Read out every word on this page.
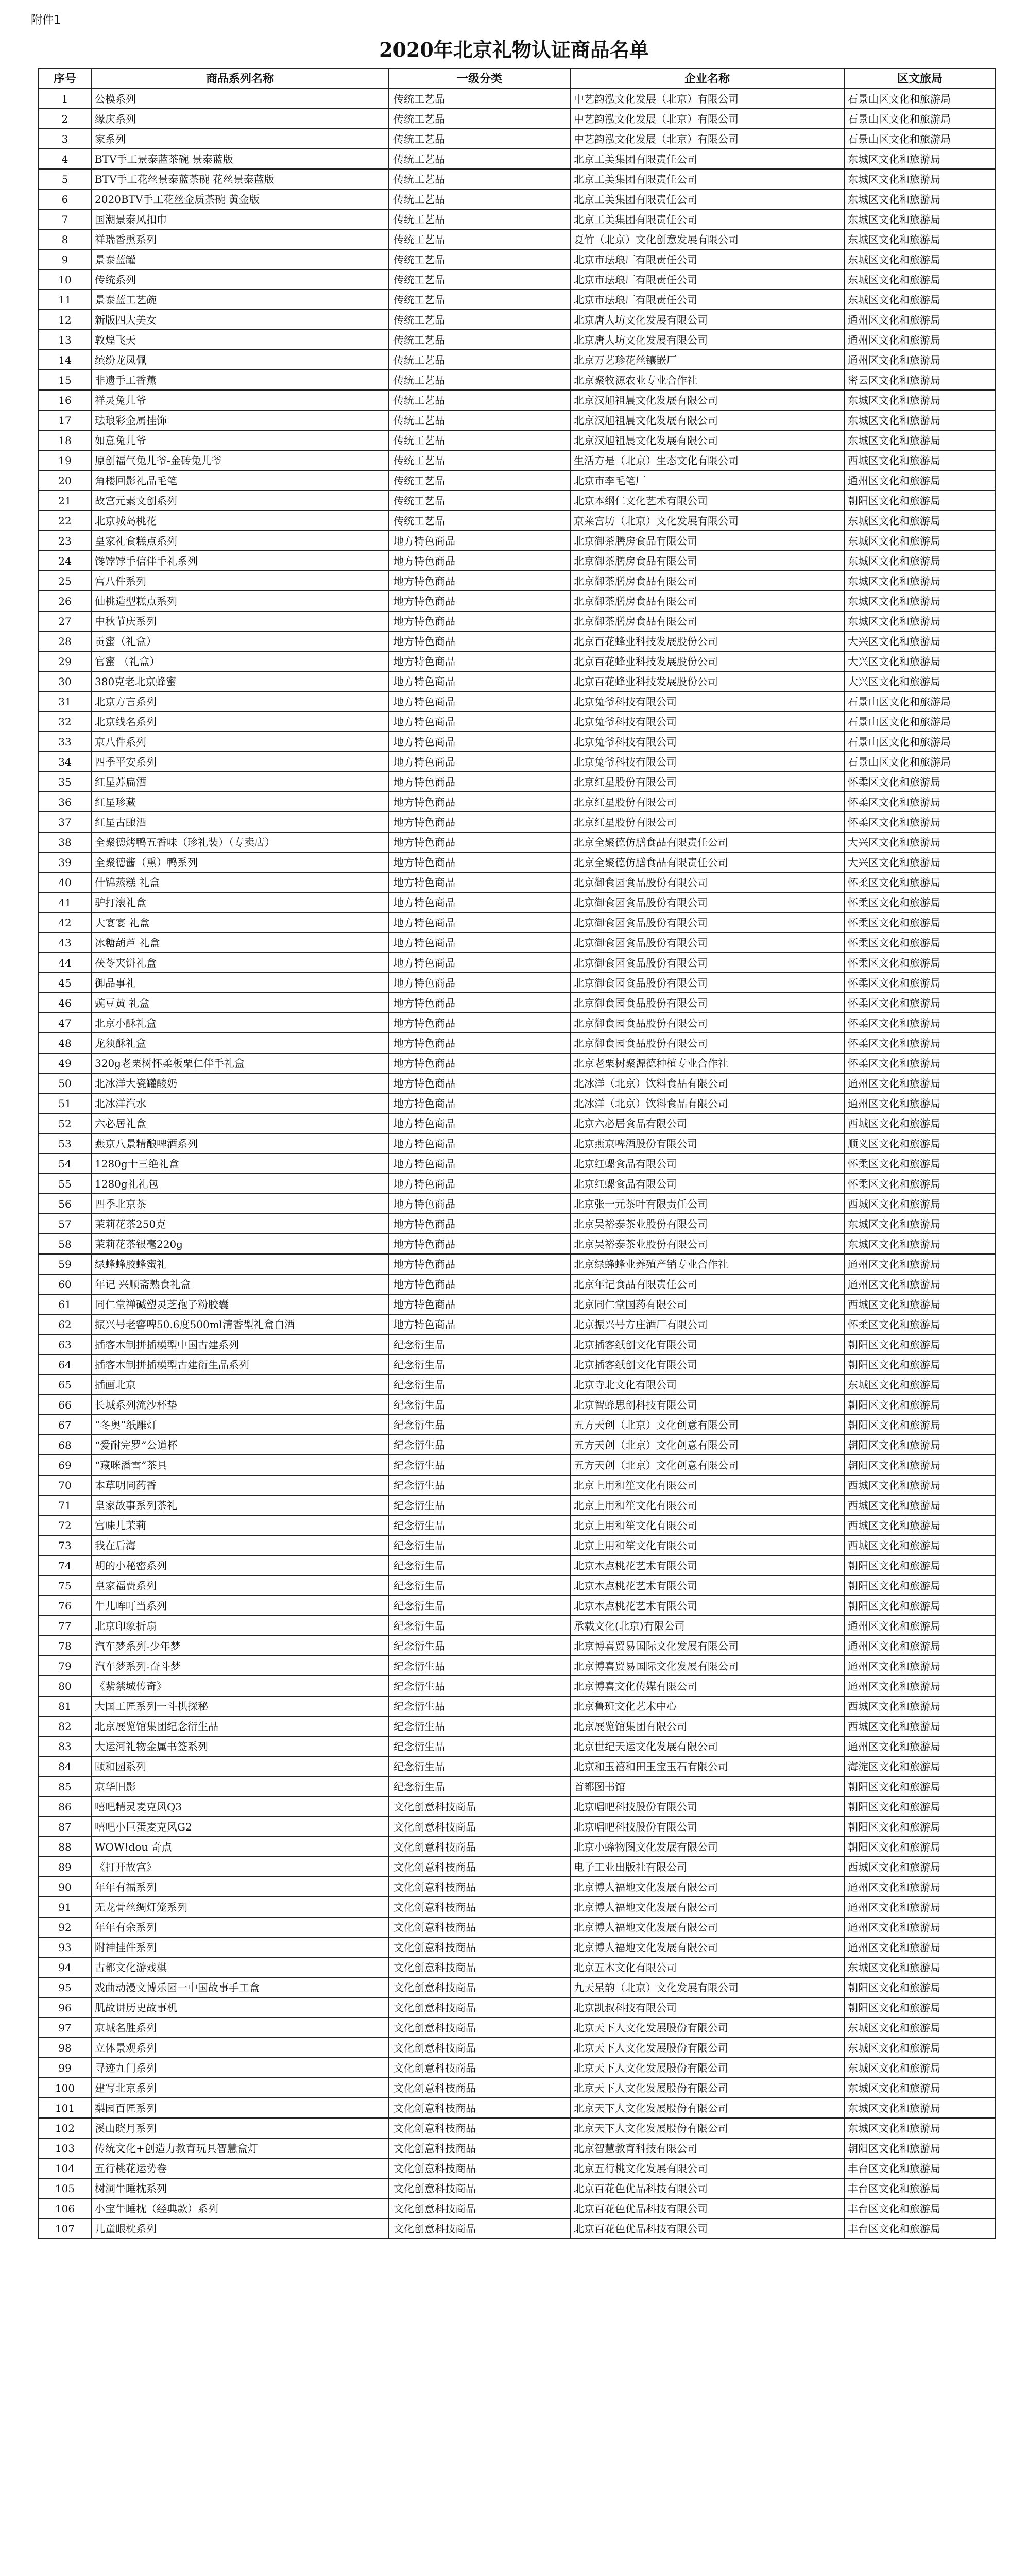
附件1
2020年北京礼物认证商品名单
序号	商品系列名称	一级分类	企业名称	区文旅局
1	公模系列	传统工艺品	中艺韵泓文化发展（北京）有限公司	石景山区文化和旅游局
2	缘庆系列	传统工艺品	中艺韵泓文化发展（北京）有限公司	石景山区文化和旅游局
3	家系列	传统工艺品	中艺韵泓文化发展（北京）有限公司	石景山区文化和旅游局
4	BTV手工景泰蓝茶碗 景泰蓝版	传统工艺品	北京工美集团有限责任公司	东城区文化和旅游局
5	BTV手工花丝景泰蓝茶碗 花丝景泰蓝版	传统工艺品	北京工美集团有限责任公司	东城区文化和旅游局
6	2020BTV手工花丝金质茶碗 黄金版	传统工艺品	北京工美集团有限责任公司	东城区文化和旅游局
7	国潮景泰风扣巾	传统工艺品	北京工美集团有限责任公司	东城区文化和旅游局
8	祥瑞香熏系列	传统工艺品	夏竹（北京）文化创意发展有限公司	东城区文化和旅游局
9	景泰蓝罐	传统工艺品	北京市珐琅厂有限责任公司	东城区文化和旅游局
10	传统系列	传统工艺品	北京市珐琅厂有限责任公司	东城区文化和旅游局
11	景泰蓝工艺碗	传统工艺品	北京市珐琅厂有限责任公司	东城区文化和旅游局
12	新版四大美女	传统工艺品	北京唐人坊文化发展有限公司	通州区文化和旅游局
13	敦煌飞天	传统工艺品	北京唐人坊文化发展有限公司	通州区文化和旅游局
14	缤纷龙凤佩	传统工艺品	北京万艺珍花丝镶嵌厂	通州区文化和旅游局
15	非遗手工香薰	传统工艺品	北京聚牧源农业专业合作社	密云区文化和旅游局
16	祥灵兔儿爷	传统工艺品	北京汉旭祖晨文化发展有限公司	东城区文化和旅游局
17	珐琅彩金属挂饰	传统工艺品	北京汉旭祖晨文化发展有限公司	东城区文化和旅游局
18	如意兔儿爷	传统工艺品	北京汉旭祖晨文化发展有限公司	东城区文化和旅游局
19	原创福气兔儿爷-金砖兔儿爷	传统工艺品	生活方是（北京）生态文化有限公司	西城区文化和旅游局
20	角楼回影礼品毛笔	传统工艺品	北京市李毛笔厂	通州区文化和旅游局
21	故宫元素文创系列	传统工艺品	北京本纲仁文化艺术有限公司	朝阳区文化和旅游局
22	北京城岛桃花	传统工艺品	京莱宫坊（北京）文化发展有限公司	东城区文化和旅游局
23	皇家礼食糕点系列	地方特色商品	北京御茶膳房食品有限公司	东城区文化和旅游局
24	馋饽饽手信伴手礼系列	地方特色商品	北京御茶膳房食品有限公司	东城区文化和旅游局
25	宫八件系列	地方特色商品	北京御茶膳房食品有限公司	东城区文化和旅游局
26	仙桃造型糕点系列	地方特色商品	北京御茶膳房食品有限公司	东城区文化和旅游局
27	中秋节庆系列	地方特色商品	北京御茶膳房食品有限公司	东城区文化和旅游局
28	贡蜜（礼盒）	地方特色商品	北京百花蜂业科技发展股份公司	大兴区文化和旅游局
29	官蜜 （礼盒）	地方特色商品	北京百花蜂业科技发展股份公司	大兴区文化和旅游局
30	380克老北京蜂蜜	地方特色商品	北京百花蜂业科技发展股份公司	大兴区文化和旅游局
31	北京方言系列	地方特色商品	北京兔爷科技有限公司	石景山区文化和旅游局
32	北京线名系列	地方特色商品	北京兔爷科技有限公司	石景山区文化和旅游局
33	京八件系列	地方特色商品	北京兔爷科技有限公司	石景山区文化和旅游局
34	四季平安系列	地方特色商品	北京兔爷科技有限公司	石景山区文化和旅游局
35	红星苏扁酒	地方特色商品	北京红星股份有限公司	怀柔区文化和旅游局
36	红星珍藏	地方特色商品	北京红星股份有限公司	怀柔区文化和旅游局
37	红星古酿酒	地方特色商品	北京红星股份有限公司	怀柔区文化和旅游局
38	全聚德烤鸭五香味（珍礼装）（专卖店）	地方特色商品	北京全聚德仿膳食品有限责任公司	大兴区文化和旅游局
39	全聚德酱（熏）鸭系列	地方特色商品	北京全聚德仿膳食品有限责任公司	大兴区文化和旅游局
40	什锦蒸糕 礼盒	地方特色商品	北京御食园食品股份有限公司	怀柔区文化和旅游局
41	驴打滚礼盒	地方特色商品	北京御食园食品股份有限公司	怀柔区文化和旅游局
42	大宴宴 礼盒	地方特色商品	北京御食园食品股份有限公司	怀柔区文化和旅游局
43	冰糖葫芦 礼盒	地方特色商品	北京御食园食品股份有限公司	怀柔区文化和旅游局
44	茯苓夹饼礼盒	地方特色商品	北京御食园食品股份有限公司	怀柔区文化和旅游局
45	御品事礼	地方特色商品	北京御食园食品股份有限公司	怀柔区文化和旅游局
46	豌豆黄 礼盒	地方特色商品	北京御食园食品股份有限公司	怀柔区文化和旅游局
47	北京小酥礼盒	地方特色商品	北京御食园食品股份有限公司	怀柔区文化和旅游局
48	龙须酥礼盒	地方特色商品	北京御食园食品股份有限公司	怀柔区文化和旅游局
49	320g老栗树怀柔板栗仁伴手礼盒	地方特色商品	北京老栗树聚源德种植专业合作社	怀柔区文化和旅游局
50	北冰洋大瓷罐酸奶	地方特色商品	北冰洋（北京）饮料食品有限公司	通州区文化和旅游局
51	北冰洋汽水	地方特色商品	北冰洋（北京）饮料食品有限公司	通州区文化和旅游局
52	六必居礼盒	地方特色商品	北京六必居食品有限公司	西城区文化和旅游局
53	燕京八景精酿啤酒系列	地方特色商品	北京燕京啤酒股份有限公司	顺义区文化和旅游局
54	1280g十三绝礼盒	地方特色商品	北京红螺食品有限公司	怀柔区文化和旅游局
55	1280g礼礼包	地方特色商品	北京红螺食品有限公司	怀柔区文化和旅游局
56	四季北京茶	地方特色商品	北京张一元茶叶有限责任公司	西城区文化和旅游局
57	茉莉花茶250克	地方特色商品	北京吴裕泰茶业股份有限公司	东城区文化和旅游局
58	茉莉花茶银毫220g	地方特色商品	北京吴裕泰茶业股份有限公司	东城区文化和旅游局
59	绿蜂蜂胶蜂蜜礼	地方特色商品	北京绿蜂蜂业养殖产销专业合作社	通州区文化和旅游局
60	年记 兴顺斋熟食礼盒	地方特色商品	北京年记食品有限责任公司	通州区文化和旅游局
61	同仁堂禅碱塑灵芝孢子粉胶囊	地方特色商品	北京同仁堂国药有限公司	西城区文化和旅游局
62	振兴号老窖啤50.6度500ml清香型礼盒白酒	地方特色商品	北京振兴号方庄酒厂有限公司	怀柔区文化和旅游局
63	插客木制拼插模型中国古建系列	纪念衍生品	北京插客纸创文化有限公司	朝阳区文化和旅游局
64	插客木制拼插模型古建衍生品系列	纪念衍生品	北京插客纸创文化有限公司	朝阳区文化和旅游局
65	插画北京	纪念衍生品	北京寺北文化有限公司	东城区文化和旅游局
66	长城系列流沙杯垫	纪念衍生品	北京智蜂思创科技有限公司	朝阳区文化和旅游局
67	“冬奥”纸雕灯	纪念衍生品	五方天创（北京）文化创意有限公司	朝阳区文化和旅游局
68	“爱耐完罗”公道杯	纪念衍生品	五方天创（北京）文化创意有限公司	朝阳区文化和旅游局
69	“藏咪潘雪”茶具	纪念衍生品	五方天创（北京）文化创意有限公司	朝阳区文化和旅游局
70	本草明同药香	纪念衍生品	北京上用和笙文化有限公司	西城区文化和旅游局
71	皇家故事系列茶礼	纪念衍生品	北京上用和笙文化有限公司	西城区文化和旅游局
72	宫味儿茉莉	纪念衍生品	北京上用和笙文化有限公司	西城区文化和旅游局
73	我在后海	纪念衍生品	北京上用和笙文化有限公司	西城区文化和旅游局
74	胡的小秘密系列	纪念衍生品	北京木点桃花艺术有限公司	朝阳区文化和旅游局
75	皇家福费系列	纪念衍生品	北京木点桃花艺术有限公司	朝阳区文化和旅游局
76	牛儿哞叮当系列	纪念衍生品	北京木点桃花艺术有限公司	朝阳区文化和旅游局
77	北京印象折扇	纪念衍生品	承载文化(北京)有限公司	通州区文化和旅游局
78	汽车梦系列-少年梦	纪念衍生品	北京博喜贸易国际文化发展有限公司	通州区文化和旅游局
79	汽车梦系列-奋斗梦	纪念衍生品	北京博喜贸易国际文化发展有限公司	通州区文化和旅游局
80	《紫禁城传奇》	纪念衍生品	北京博喜文化传媒有限公司	通州区文化和旅游局
81	大国工匠系列一斗拱探秘	纪念衍生品	北京鲁班文化艺术中心	西城区文化和旅游局
82	北京展览馆集团纪念衍生品	纪念衍生品	北京展览馆集团有限公司	西城区文化和旅游局
83	大运河礼物金属书签系列	纪念衍生品	北京世纪天运文化发展有限公司	通州区文化和旅游局
84	颐和园系列	纪念衍生品	北京和玉禧和田玉宝玉石有限公司	海淀区文化和旅游局
85	京华旧影	纪念衍生品	首都图书馆	朝阳区文化和旅游局
86	嘻吧精灵麦克风Q3	文化创意科技商品	北京唱吧科技股份有限公司	朝阳区文化和旅游局
87	嘻吧小巨蛋麦克风G2	文化创意科技商品	北京唱吧科技股份有限公司	朝阳区文化和旅游局
88	WOW!dou 奇点	文化创意科技商品	北京小蜂物图文化发展有限公司	朝阳区文化和旅游局
89	《打开故宫》	文化创意科技商品	电子工业出版社有限公司	西城区文化和旅游局
90	年年有福系列	文化创意科技商品	北京博人福地文化发展有限公司	通州区文化和旅游局
91	无龙骨丝绸灯笼系列	文化创意科技商品	北京博人福地文化发展有限公司	通州区文化和旅游局
92	年年有余系列	文化创意科技商品	北京博人福地文化发展有限公司	通州区文化和旅游局
93	附神挂件系列	文化创意科技商品	北京博人福地文化发展有限公司	通州区文化和旅游局
94	古都文化游戏棋	文化创意科技商品	北京五木文化有限公司	东城区文化和旅游局
95	戏曲动漫文博乐园一中国故事手工盒	文化创意科技商品	九天星韵（北京）文化发展有限公司	朝阳区文化和旅游局
96	肌故讲历史故事机	文化创意科技商品	北京凯叔科技有限公司	朝阳区文化和旅游局
97	京城名胜系列	文化创意科技商品	北京天下人文化发展股份有限公司	东城区文化和旅游局
98	立体景观系列	文化创意科技商品	北京天下人文化发展股份有限公司	东城区文化和旅游局
99	寻迹九门系列	文化创意科技商品	北京天下人文化发展股份有限公司	东城区文化和旅游局
100	建写北京系列	文化创意科技商品	北京天下人文化发展股份有限公司	东城区文化和旅游局
101	梨园百匠系列	文化创意科技商品	北京天下人文化发展股份有限公司	东城区文化和旅游局
102	溪山晓月系列	文化创意科技商品	北京天下人文化发展股份有限公司	东城区文化和旅游局
103	传统文化+创造力教育玩具智慧盒灯	文化创意科技商品	北京智慧教育科技有限公司	朝阳区文化和旅游局
104	五行桃花运势卷	文化创意科技商品	北京五行桃文化发展有限公司	丰台区文化和旅游局
105	树洞牛睡枕系列	文化创意科技商品	北京百花色优品科技有限公司	丰台区文化和旅游局
106	小宝牛睡枕（经典款）系列	文化创意科技商品	北京百花色优品科技有限公司	丰台区文化和旅游局
107	儿童眼枕系列	文化创意科技商品	北京百花色优品科技有限公司	丰台区文化和旅游局
